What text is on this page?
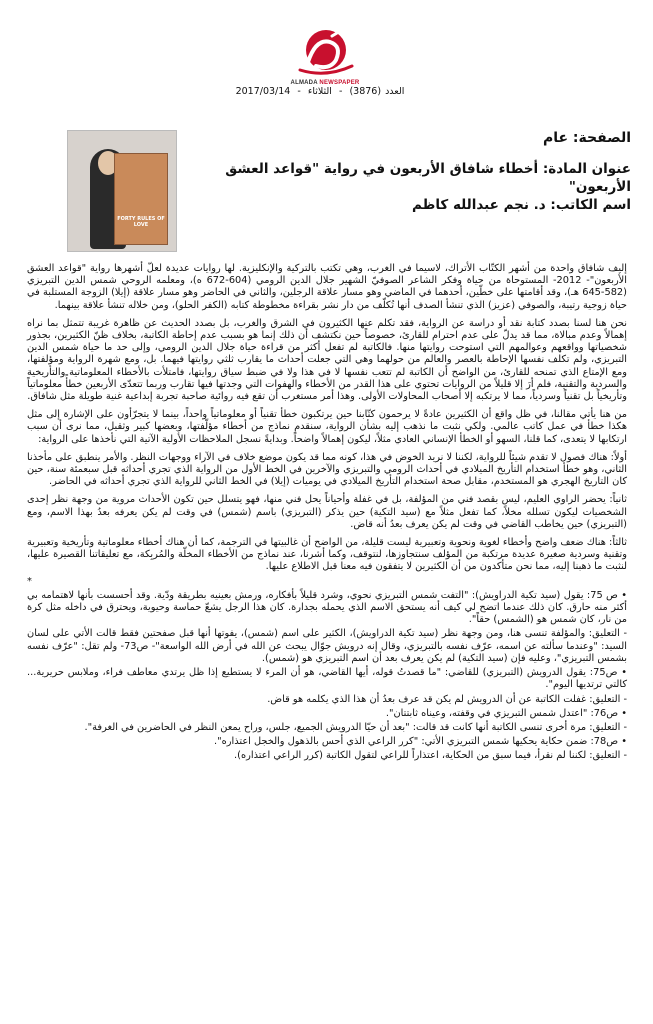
ALMADA NEWSPAPER
العدد(3876) - الثلاثاء - 2017/03/14
الصفحة: عام
عنوان المادة: أخطاء شافاق الأربعون في رواية "قواعد العشق الأربعون"
اسم الكاتب: د. نجم عبدالله كاظم
FORTY RULES OF LOVE

إليف شافاق واحدة من أشهر الكتّاب الأتراك، لاسيما في الغرب، وهي تكتب بالتركية والإنكليزية. لها روايات عديدة لعلّ أشهرها رواية "قواعد العشق الأربعون"- 2012- المستوحاة من حياة وفكر الشاعر الصوفيّ الشهير جلال الدين الرومي (604-672 ه)، ومعلمه الروحي شمس الدين التبريزي (582-645 هـ)، وقد أقامتها على خطّين، أحدهما في الماضي وهو مسار علاقة الرجلين، والثاني في الحاضر وهو مسار علاقة (إيلا) الزوجة المستلبة في حياة زوجية رتيبة، والصوفي (عزيز) الذي تنشأ الصدف أنها تُكلّف من دار نشر بقراءة مخطوطة كتابه (الكفر الحلو)، ومن خلاله تنشأ علاقة بينهما.

نحن هنا لسنا بصدد كتابة نقد أو دراسة عن الرواية، فقد تكلم عنها الكثيرون في الشرق والغرب، بل بصدد الحديث عن ظاهرة غريبة تتمثل بما نراه إهمالاً وعدم مبالاة، مما قد يدلّ على عدم احترام للقارئ، خصوصاً حين نكتشف أن ذلك إنما هو بسبب عدم إحاطة الكاتبة، بخلاف ظنّ الكثيرين، بجذور شخصياتها وواقعهم وعوالمهم التي استوحت روايتها منها. فالكاتبة لم تفعل أكثر من قراءة حياة جلال الدين الرومي، وإلى حد ما حياة شمس الدين التبريزي، ولم تكلف نفسها الإحاطة بالعصر والعالم من حولهما وهي التي جعلت أحداث ما يقارب ثلثي روايتها فيهما. بل، ومع شهرة الرواية ومؤلفتها، ومع الإمتاع الذي تمنحه للقارئ، من الواضح أن الكاتبة لم تتعب نفسها لا في هذا ولا في ضبط سياق روايتها، فامتلأت بالأخطاء المعلوماتية والتأريخية والسردية والتقنية، فلم أرَ إلا قليلاً من الروايات تحتوي على هذا القدر من الأخطاء والهفوات التي وجدتها فيها تقارب وربما تتعدّى الأربعين خطأً معلوماتياً وتأريخياً بل تقنياً وسردياً، مما لا يرتكبه إلا أصحاب المحاولات الأولى. وهذا أمر مستغرب أن تقع فيه روائية صاحبة تجربة إبداعية غنية طويلة مثل شافاق.

من هنا يأتي مقالنا، في ظل واقع أن الكثيرين عادةً لا يرحمون كتّابنا حين يرتكبون خطأ تقنياً أو معلوماتياً واحداً، بينما لا يتجرّأون على الإشارة إلى مثل هكذا خطأ في عمل كاتب عالمي. ولكي نثبت ما نذهب إليه بشأن الرواية، سنقدم نماذج من أخطاء مؤلّفتها، وبعضها كبير وثقيل، مما نرى أن سبب ارتكابها لا يتعدى، كما قلنا، السهو أو الخطأ الإنساني العادي مثلاً، ليكون إهمالاً واضحاً. وبدايةً نسجل الملاحظات الأولية الآتية التي نأخذها على الرواية:

أولاً: هناك فصول لا تقدم شيئاً للرواية، لكننا لا نريد الخوض في هذا، كونه مما قد يكون موضع خلاف في الآراء ووجهات النظر. والأمر ينطبق على مأخذنا الثاني، وهو خطأ استخدام التأريخ الميلادي في أحداث الرومي والتبريزي والآخرين في الخط الأول من الرواية الذي تجري أحداثه قبل سبعمئة سنة، حين كان التاريخ الهجري هو المستخدم، مقابل صحة استخدام التأريخ الميلادي في يوميات (إيلا) في الخط الثاني للرواية الذي تجري أحداثه في الحاضر.

ثانياً: يحضر الراوي العليم، ليس بقصد فني من المؤلفة، بل في غفلة وأحياناً يحل فني منها، فهو يتسلل حين تكون الأحداث مروية من وجهة نظر إحدى الشخصيات ليكون تسلله مخلاً، كما تفعل مثلاً مع (سيد التكية) حين يذكر (التبريزي) باسم (شمس) في وقت لم يكن يعرفه بعدُ بهذا الاسم، ومع (التبريزي) حين يخاطب القاضي في وقت لم يكن يعرف بعدُ أنه قاض.

ثالثاً: هناك ضعف واضح وأخطاء لغوية ونحوية وتعبيرية ليست قليلة، من الواضح أن غالبيتها في الترجمة، كما أن هناك أخطاء معلوماتية وتأريخية وتعبيرية وتقنية وسردية صغيرة عديدة مرتكبة من المؤلف سنتجاوزها، لنتوقف، وكما أشرنا، عند نماذج من الأخطاء المخلّة والمُربِكة، مع تعليقاتنا القصيرة عليها، لنثبت ما ذهبنا إليه، مما نحن متأكدون من أن الكثيرين لا يتفقون فيه معنا قبل الاطلاع عليها.

*

• ص 75: يقول (سيد تكية الدراويش): "التفت شمس التبريزي نحوي، وشرد قليلاً بأفكاره، ورمش بعينيه بطريقة ودّية. وقد أحسست بأنها لاهتمامه بي أكثر منه حارق. كان ذلك عندما اتضح لي كيف أنه يستحق الاسم الذي يحمله بجدارة. كان هذا الرجل يشعّ حماسة وحيوية، ويحترق في داخله مثل كرة من نار، كان شمس هو (الشمس) حقاً".

- التعليق: والمؤلفة تنسى هنا، ومن وجهة نظر (سيد تكية الدراويش)، الكثير على اسم (شمس)، يفوتها أنها قبل صفحتين فقط قالت الأتي على لسان السيد: "وعندما سألته عن اسمه، عرّف نفسه بالتبريزي، وقال إنه درويش جوّال يبحث عن الله في أرض الله الواسعة"- ص73- ولم تقل: "عرّف نفسه بشمس التبريزي"، وعليه فإن (سيد التكية) لم يكن يعرف بعد أن اسم التبريزي هو (شمس).

• ص75: يقول الدرويش (التبريزي) للقاضي: "ما قصدتُ قوله، أيها القاضي، هو أن المرء لا يستطيع إذا ظل يرتدي معاطف فراء، وملابس حريرية... كالتي ترتديها اليوم".

- التعليق: غفلت الكاتبة عن أن الدرويش لم يكن قد عرف بعدُ أن هذا الذي يكلمه هو قاض.

• ص76: "اعتدل شمس التبريزي في وقفته، وعيناه ثابتتان".

- التعليق: مرة أخرى تنسى الكاتبة أنها كانت قد قالت: "بعد أن حيّا الدرويش الجميع، جلس، وراح يمعن النظر في الحاضرين في الغرفة".

• ص78: ضمن حكاية يحكيها شمس التبريزي الأتي: "كرر الراعي الذي أحس بالذهول والخجل اعتذاره".

- التعليق: لكننا لم نقرأ، فيما سبق من الحكاية، اعتذاراً للراعي لتقول الكاتبة (كرر الراعي اعتذاره).
